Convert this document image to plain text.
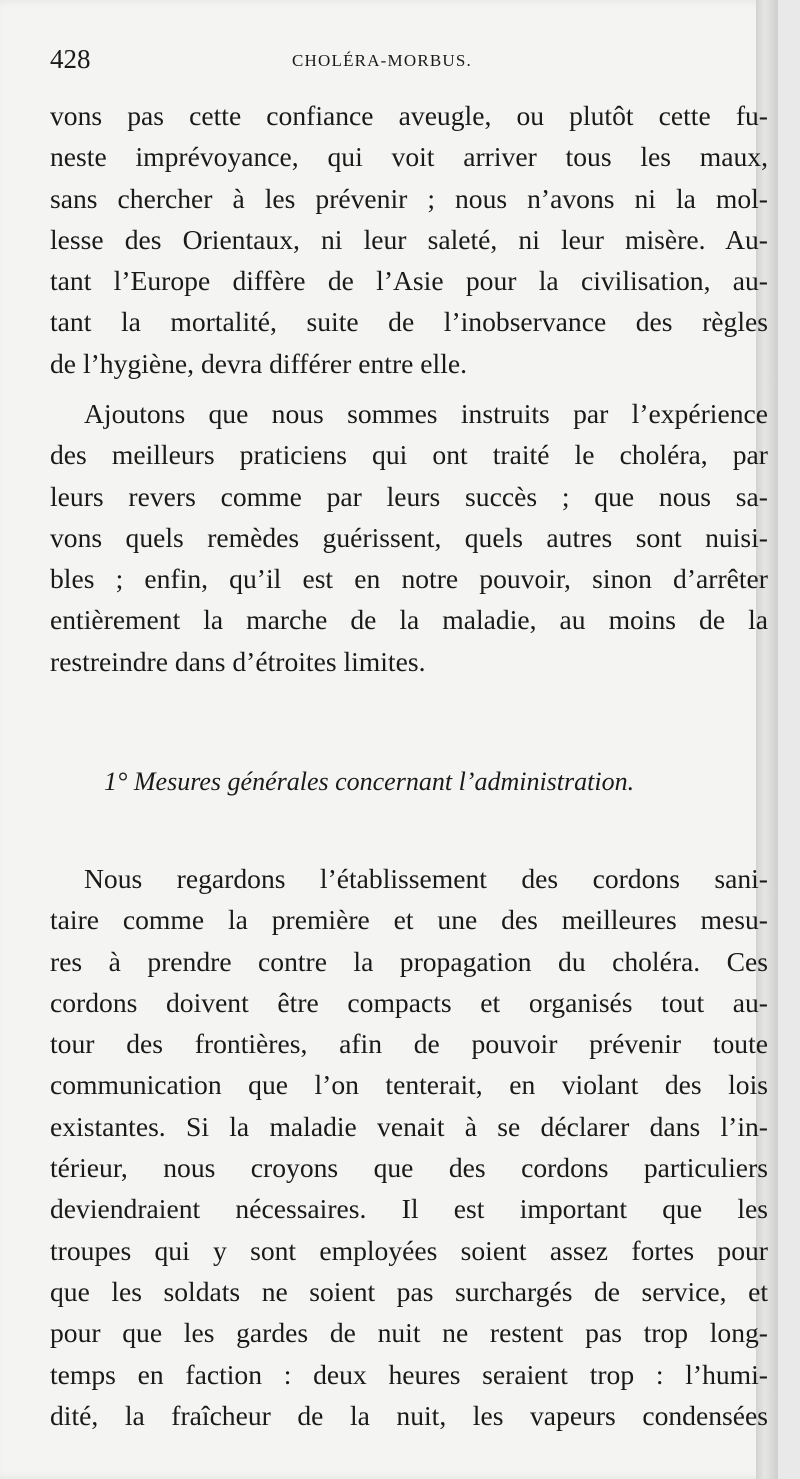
428	CHOLÉRA-MORBUS.
vons pas cette confiance aveugle, ou plutôt cette fu-
neste imprévoyance, qui voit arriver tous les maux,
sans chercher à les prévenir ; nous n’avons ni la mol-
lesse des Orientaux, ni leur saleté, ni leur misère. Au-
tant l’Europe diffère de l’Asie pour la civilisation, au-
tant la mortalité, suite de l’inobservance des règles
de l’hygiène, devra différer entre elle.
Ajoutons que nous sommes instruits par l’expérience
des meilleurs praticiens qui ont traité le choléra, par
leurs revers comme par leurs succès ; que nous sa-
vons quels remèdes guérissent, quels autres sont nuisi-
bles ; enfin, qu’il est en notre pouvoir, sinon d’arrêter
entièrement la marche de la maladie, au moins de la
restreindre dans d’étroites limites.
1° Mesures générales concernant l’administration.
Nous regardons l’établissement des cordons sani-
taire comme la première et une des meilleures mesu-
res à prendre contre la propagation du choléra. Ces
cordons doivent être compacts et organisés tout au-
tour des frontières, afin de pouvoir prévenir toute
communication que l’on tenterait, en violant des lois
existantes. Si la maladie venait à se déclarer dans l’in-
térieur, nous croyons que des cordons particuliers
deviendraient nécessaires. Il est important que les
troupes qui y sont employées soient assez fortes pour
que les soldats ne soient pas surchargés de service, et
pour que les gardes de nuit ne restent pas trop long-
temps en faction : deux heures seraient trop : l’humi-
dité, la fraîcheur de la nuit, les vapeurs condensées
